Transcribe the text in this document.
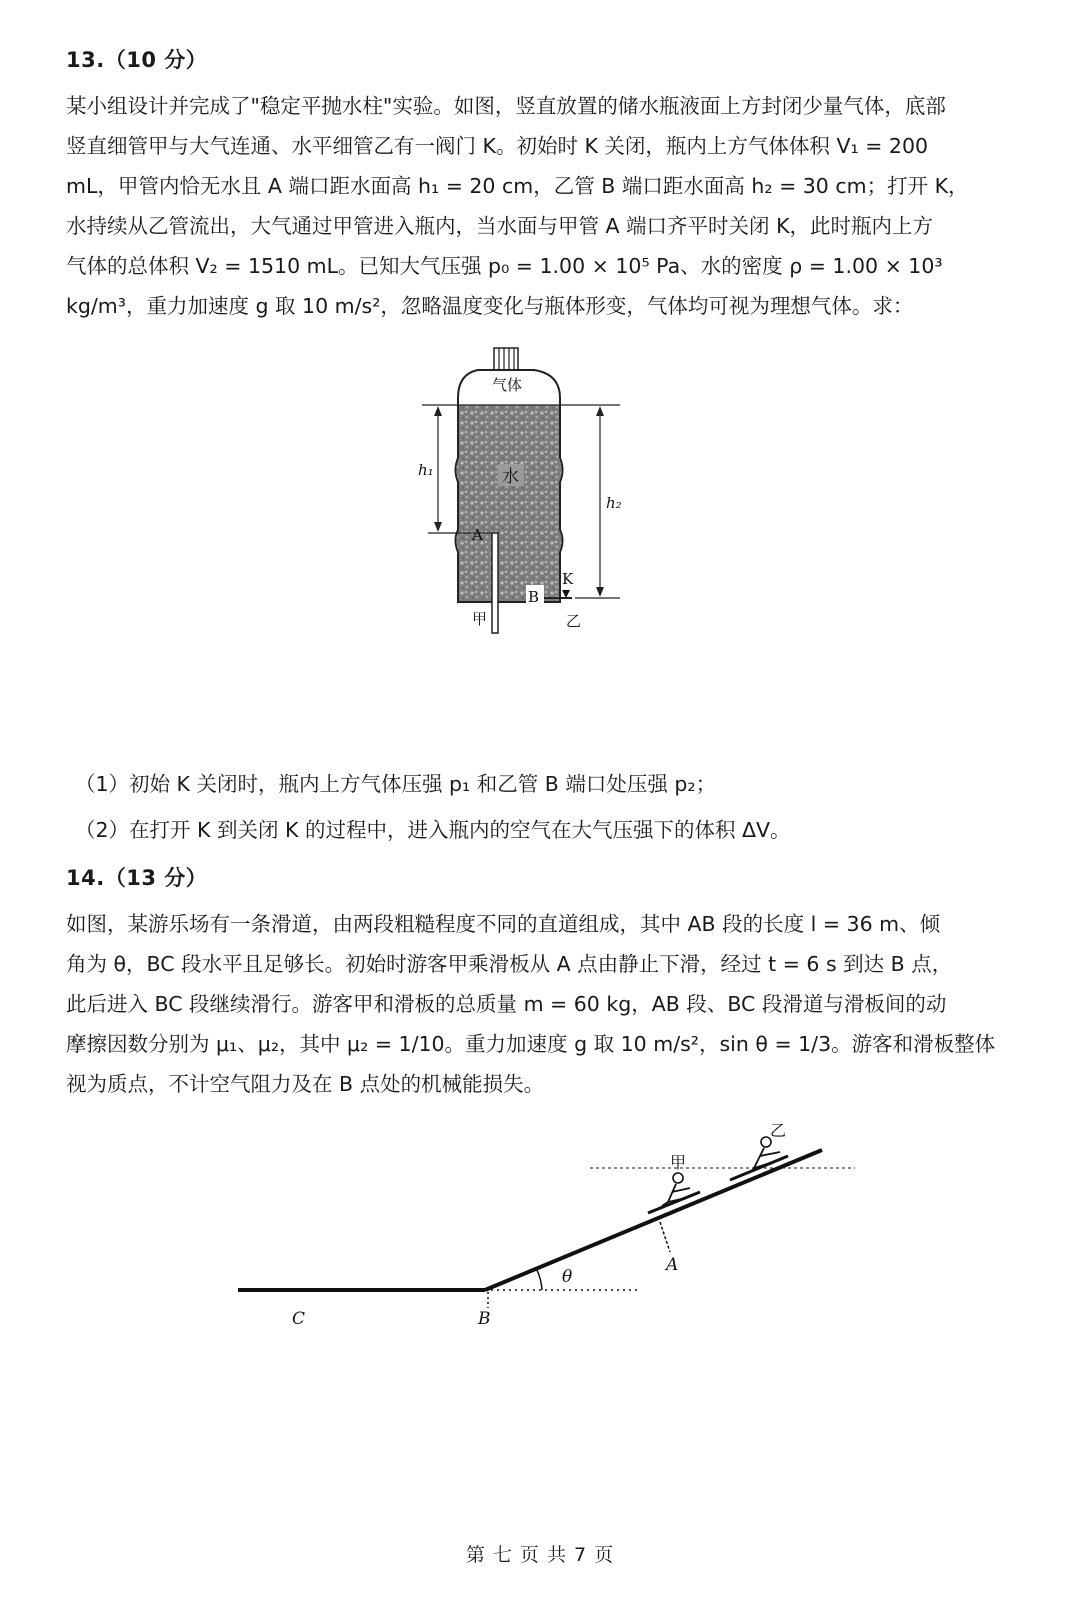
13.（10 分）
某小组设计并完成了"稳定平抛水柱"实验。如图，竖直放置的储水瓶液面上方封闭少量气体，底部
竖直细管甲与大气连通、水平细管乙有一阀门 K。初始时 K 关闭，瓶内上方气体体积 V₁ = 200
mL，甲管内恰无水且 A 端口距水面高 h₁ = 20 cm，乙管 B 端口距水面高 h₂ = 30 cm；打开 K，
水持续从乙管流出，大气通过甲管进入瓶内，当水面与甲管 A 端口齐平时关闭 K，此时瓶内上方
气体的总体积 V₂ = 1510 mL。已知大气压强 p₀ = 1.00 × 10⁵ Pa、水的密度 ρ = 1.00 × 10³
kg/m³，重力加速度 g 取 10 m/s²，忽略温度变化与瓶体形变，气体均可视为理想气体。求：
气体
水
h₁
h₂
A
K
B
甲	乙
（1）初始 K 关闭时，瓶内上方气体压强 p₁ 和乙管 B 端口处压强 p₂；
（2）在打开 K 到关闭 K 的过程中，进入瓶内的空气在大气压强下的体积 ΔV。
14.（13 分）
如图，某游乐场有一条滑道，由两段粗糙程度不同的直道组成，其中 AB 段的长度 l = 36 m、倾
角为 θ，BC 段水平且足够长。初始时游客甲乘滑板从 A 点由静止下滑，经过 t = 6 s 到达 B 点，
此后进入 BC 段继续滑行。游客甲和滑板的总质量 m = 60 kg，AB 段、BC 段滑道与滑板间的动
摩擦因数分别为 μ₁、μ₂，其中 μ₂ = 1/10。重力加速度 g 取 10 m/s²，sin θ = 1/3。游客和滑板整体
视为质点，不计空气阻力及在 B 点处的机械能损失。
乙
甲
A
θ
C	B
第 七 页 共 7 页
